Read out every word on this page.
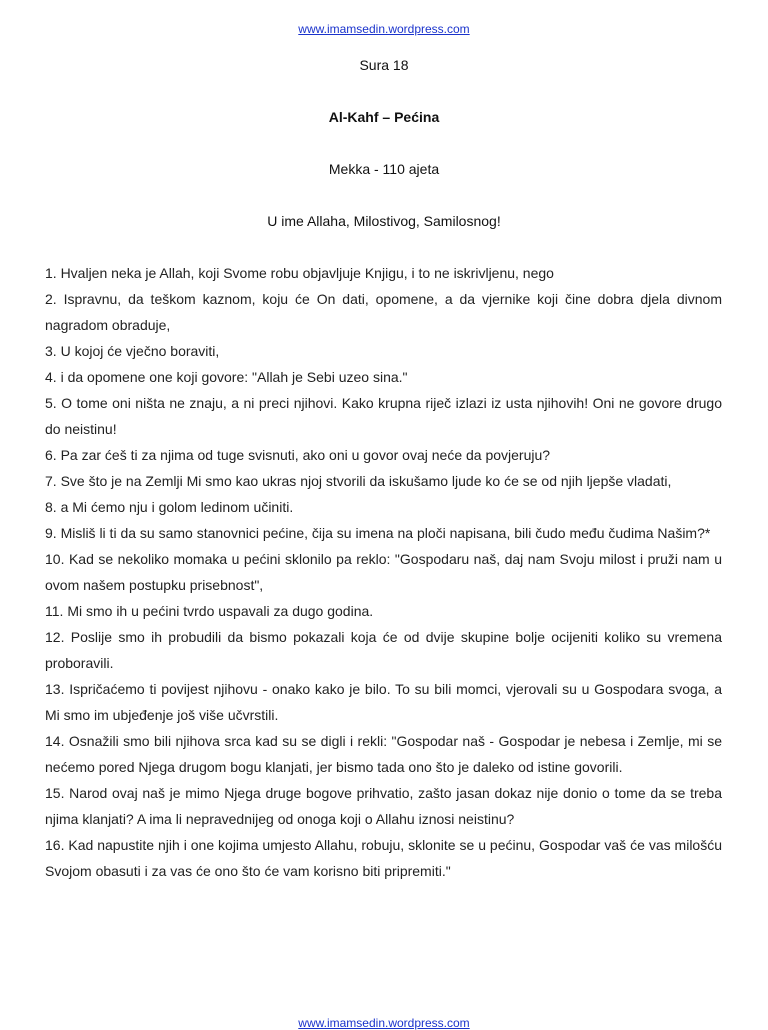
www.imamsedin.wordpress.com
Sura 18
Al-Kahf – Pećina
Mekka - 110 ajeta
U ime Allaha, Milostivog, Samilosnog!
1. Hvaljen neka je Allah, koji Svome robu objavljuje Knjigu, i to ne iskrivljenu, nego
2. Ispravnu, da teškom kaznom, koju će On dati, opomene, a da vjernike koji čine dobra djela divnom nagradom obraduje,
3. U kojoj će vječno boraviti,
4. i da opomene one koji govore: "Allah je Sebi uzeo sina."
5. O tome oni ništa ne znaju, a ni preci njihovi. Kako krupna riječ izlazi iz usta njihovih! Oni ne govore drugo do neistinu!
6. Pa zar ćeš ti za njima od tuge svisnuti, ako oni u govor ovaj neće da povjeruju?
7. Sve što je na Zemlji Mi smo kao ukras njoj stvorili da iskušamo ljude ko će se od njih ljepše vladati,
8. a Mi ćemo nju i golom ledinom učiniti.
9. Misliš li ti da su samo stanovnici pećine, čija su imena na ploči napisana, bili čudo među čudima Našim?*
10. Kad se nekoliko momaka u pećini sklonilo pa reklo: "Gospodaru naš, daj nam Svoju milost i pruži nam u ovom našem postupku prisebnost",
11. Mi smo ih u pećini tvrdo uspavali za dugo godina.
12. Poslije smo ih probudili da bismo pokazali koja će od dvije skupine bolje ocijeniti koliko su vremena proboravili.
13. Ispričaćemo ti povijest njihovu - onako kako je bilo. To su bili momci, vjerovali su u Gospodara svoga, a Mi smo im ubjeđenje još više učvrstili.
14. Osnažili smo bili njihova srca kad su se digli i rekli: "Gospodar naš - Gospodar je nebesa i Zemlje, mi se nećemo pored Njega drugom bogu klanjati, jer bismo tada ono što je daleko od istine govorili.
15. Narod ovaj naš je mimo Njega druge bogove prihvatio, zašto jasan dokaz nije donio o tome da se treba njima klanjati? A ima li nepravednijeg od onoga koji o Allahu iznosi neistinu?
16. Kad napustite njih i one kojima umjesto Allahu, robuju, sklonite se u pećinu, Gospodar vaš će vas milošću Svojom obasuti i za vas će ono što će vam korisno biti pripremiti."
www.imamsedin.wordpress.com
